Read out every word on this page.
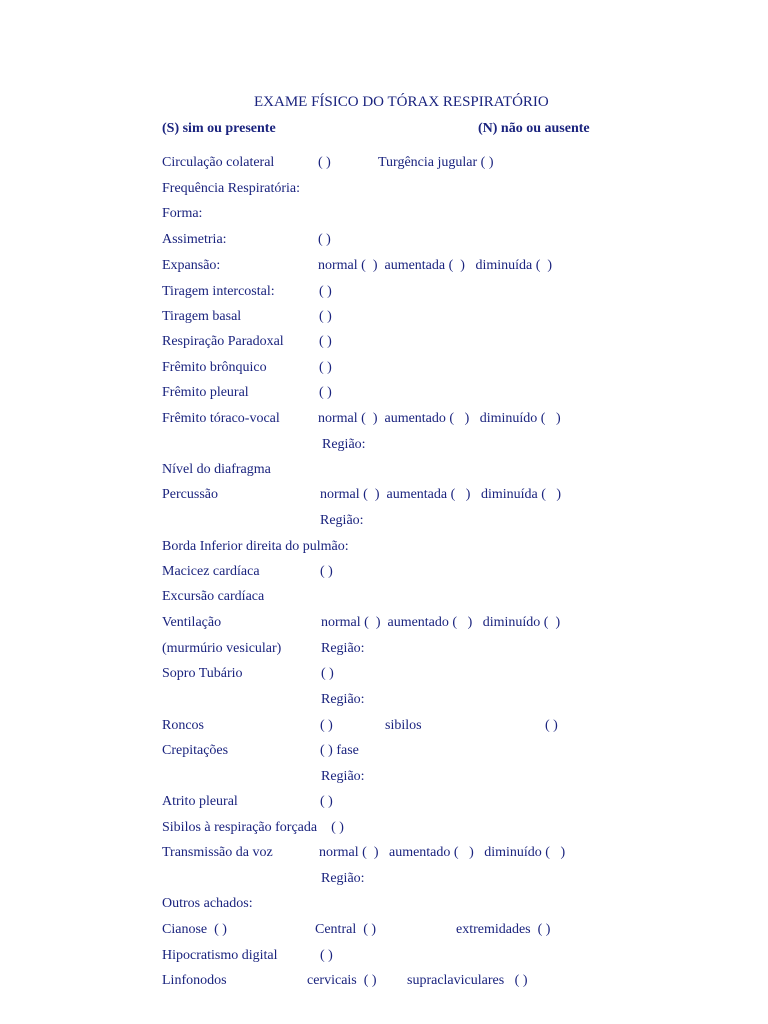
EXAME FÍSICO DO TÓRAX RESPIRATÓRIO
(S) sim ou presente	(N) não ou ausente
Circulação colateral	( )	Turgência jugular ( )
Frequência Respiratória:
Forma:
Assimetria:	( )
Expansão:	normal (  )  aumentada (  )   diminuída (  )
Tiragem intercostal:	( )
Tiragem basal	( )
Respiração Paradoxal	( )
Frêmito brônquico	( )
Frêmito pleural	( )
Frêmito tóraco-vocal	normal (  )  aumentado (   )   diminuído (   )
Região:
Nível do diafragma
Percussão	normal (  )  aumentada (   )   diminuída (   )
Região:
Borda Inferior direita do pulmão:
Macicez cardíaca	( )
Excursão cardíaca
Ventilação	normal (  )  aumentado (   )   diminuído (  )
(murmúrio vesicular)	Região:
Sopro Tubário	( )
Região:
Roncos	( )	sibilos	( )
Crepitações	( ) fase
Região:
Atrito pleural	( )
Sibilos à respiração forçada    ( )
Transmissão da voz	normal (  )   aumentado (   )   diminuído (   )
Região:
Outros achados:
Cianose  ( )	Central  ( )	extremidades  ( )
Hipocratismo digital	( )
Linfonodos	cervicais  ( ) supraclaviculares   ( )
